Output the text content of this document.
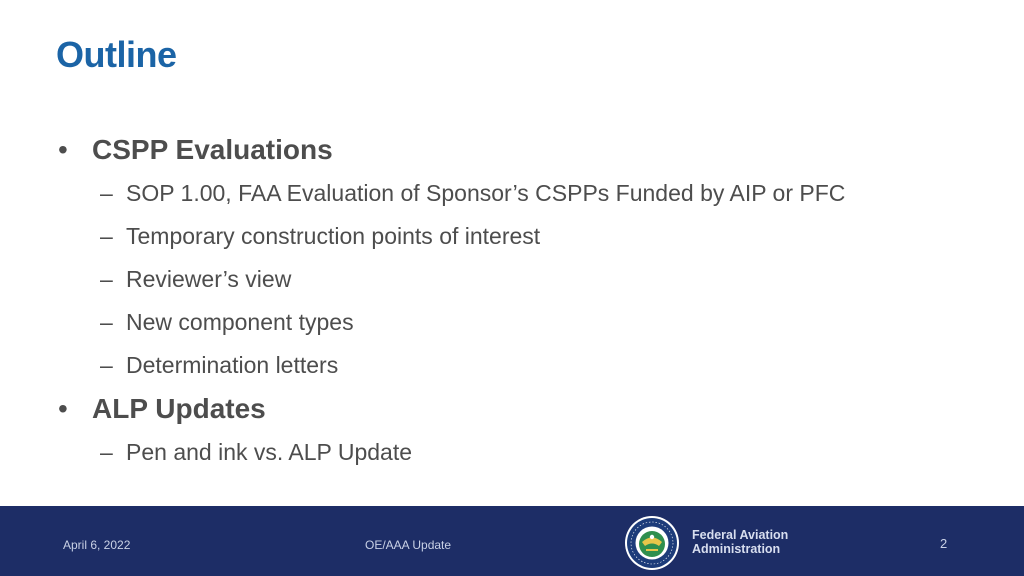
Outline
• CSPP Evaluations
– SOP 1.00, FAA Evaluation of Sponsor’s CSPPs Funded by AIP or PFC
– Temporary construction points of interest
– Reviewer’s view
– New component types
– Determination letters
• ALP Updates
– Pen and ink vs. ALP Update
April 6, 2022	OE/AAA Update
Federal Aviation
Administration	2
